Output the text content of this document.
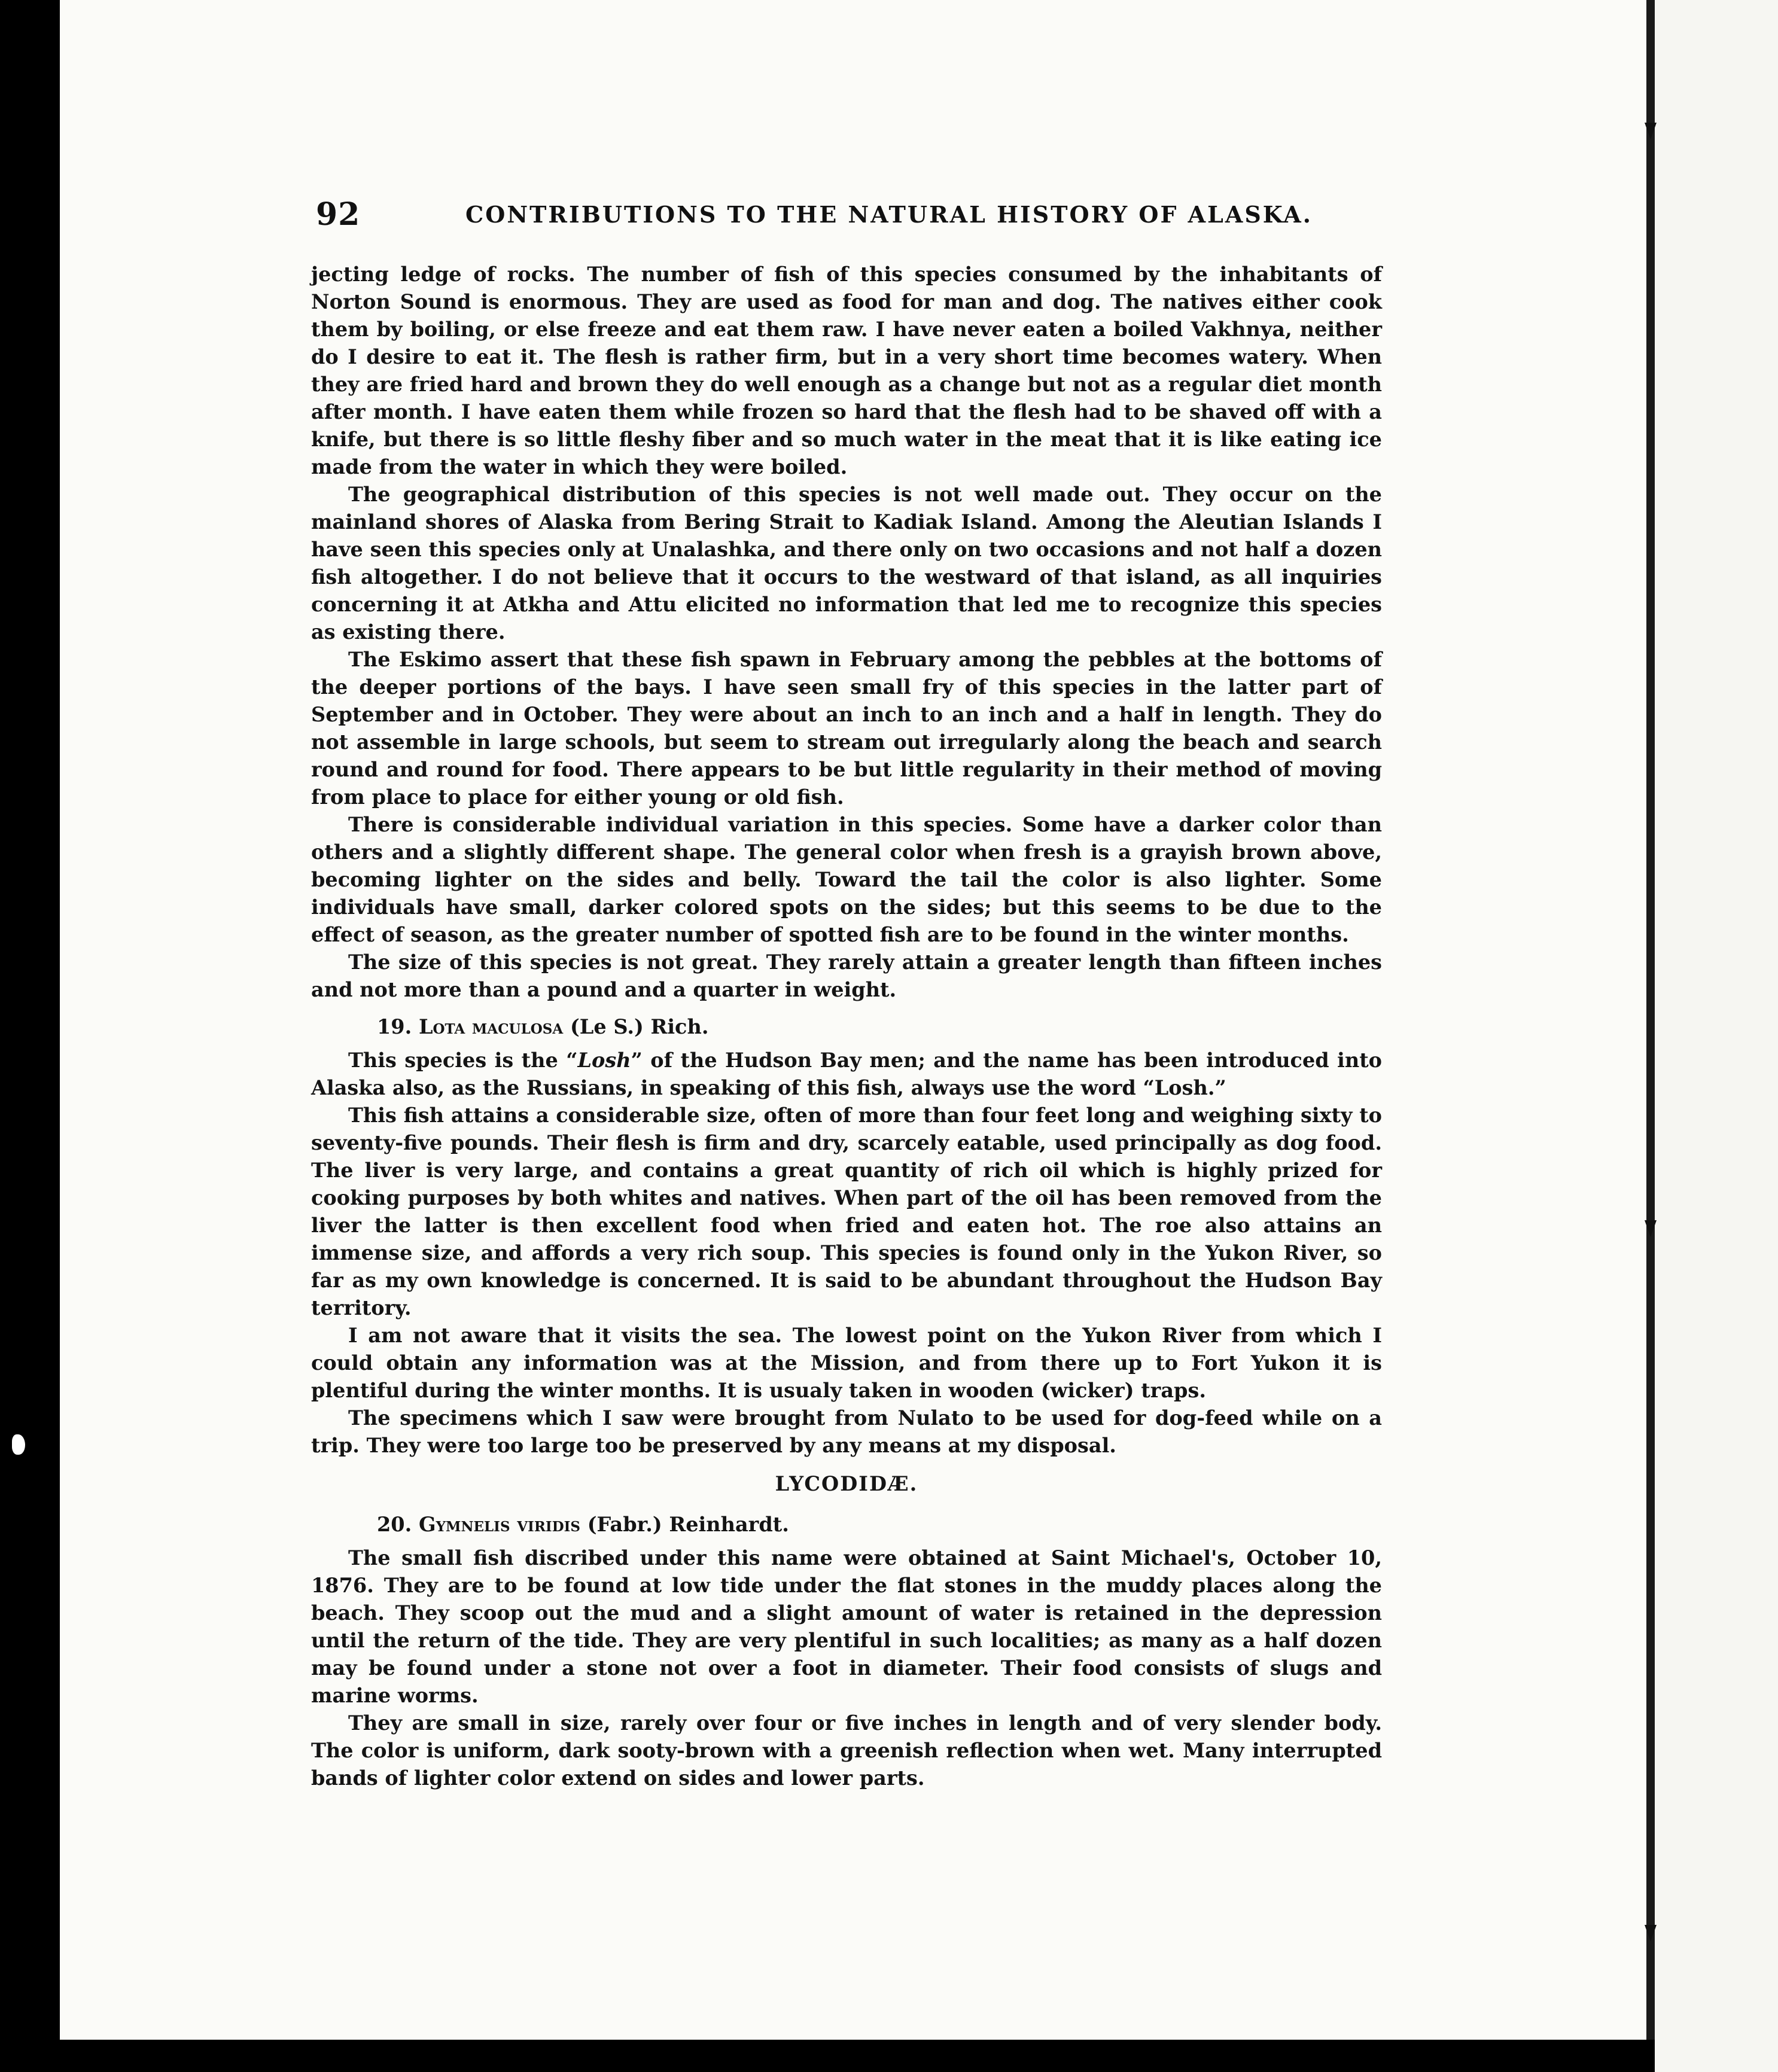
92	CONTRIBUTIONS TO THE NATURAL HISTORY OF ALASKA.

jecting ledge of rocks. The number of fish of this species consumed by the inhabitants of Norton Sound is enormous. They are used as food for man and dog. The natives either cook them by boiling, or else freeze and eat them raw. I have never eaten a boiled Vakhnya, neither do I desire to eat it. The flesh is rather firm, but in a very short time becomes watery. When they are fried hard and brown they do well enough as a change but not as a regular diet month after month. I have eaten them while frozen so hard that the flesh had to be shaved off with a knife, but there is so little fleshy fiber and so much water in the meat that it is like eating ice made from the water in which they were boiled.

The geographical distribution of this species is not well made out. They occur on the mainland shores of Alaska from Bering Strait to Kadiak Island. Among the Aleutian Islands I have seen this species only at Unalashka, and there only on two occasions and not half a dozen fish altogether. I do not believe that it occurs to the westward of that island, as all inquiries concerning it at Atkha and Attu elicited no information that led me to recognize this species as existing there.

The Eskimo assert that these fish spawn in February among the pebbles at the bottoms of the deeper portions of the bays. I have seen small fry of this species in the latter part of September and in October. They were about an inch to an inch and a half in length. They do not assemble in large schools, but seem to stream out irregularly along the beach and search round and round for food. There appears to be but little regularity in their method of moving from place to place for either young or old fish.

There is considerable individual variation in this species. Some have a darker color than others and a slightly different shape. The general color when fresh is a grayish brown above, becoming lighter on the sides and belly. Toward the tail the color is also lighter. Some individuals have small, darker colored spots on the sides; but this seems to be due to the effect of season, as the greater number of spotted fish are to be found in the winter months.

The size of this species is not great. They rarely attain a greater length than fifteen inches and not more than a pound and a quarter in weight.

19. Lota maculosa (Le S.) Rich.

This species is the “Losh” of the Hudson Bay men; and the name has been introduced into Alaska also, as the Russians, in speaking of this fish, always use the word “Losh.”

This fish attains a considerable size, often of more than four feet long and weighing sixty to seventy-five pounds. Their flesh is firm and dry, scarcely eatable, used principally as dog food. The liver is very large, and contains a great quantity of rich oil which is highly prized for cooking purposes by both whites and natives. When part of the oil has been removed from the liver the latter is then excellent food when fried and eaten hot. The roe also attains an immense size, and affords a very rich soup. This species is found only in the Yukon River, so far as my own knowledge is concerned. It is said to be abundant throughout the Hudson Bay territory.

I am not aware that it visits the sea. The lowest point on the Yukon River from which I could obtain any information was at the Mission, and from there up to Fort Yukon it is plentiful during the winter months. It is usualy taken in wooden (wicker) traps.

The specimens which I saw were brought from Nulato to be used for dog-feed while on a trip. They were too large too be preserved by any means at my disposal.

LYCODIDÆ.
20. Gymnelis viridis (Fabr.) Reinhardt.

The small fish discribed under this name were obtained at Saint Michael's, October 10, 1876. They are to be found at low tide under the flat stones in the muddy places along the beach. They scoop out the mud and a slight amount of water is retained in the depression until the return of the tide. They are very plentiful in such localities; as many as a half dozen may be found under a stone not over a foot in diameter. Their food consists of slugs and marine worms.

They are small in size, rarely over four or five inches in length and of very slender body. The color is uniform, dark sooty-brown with a greenish reflection when wet. Many interrupted bands of lighter color extend on sides and lower parts.
